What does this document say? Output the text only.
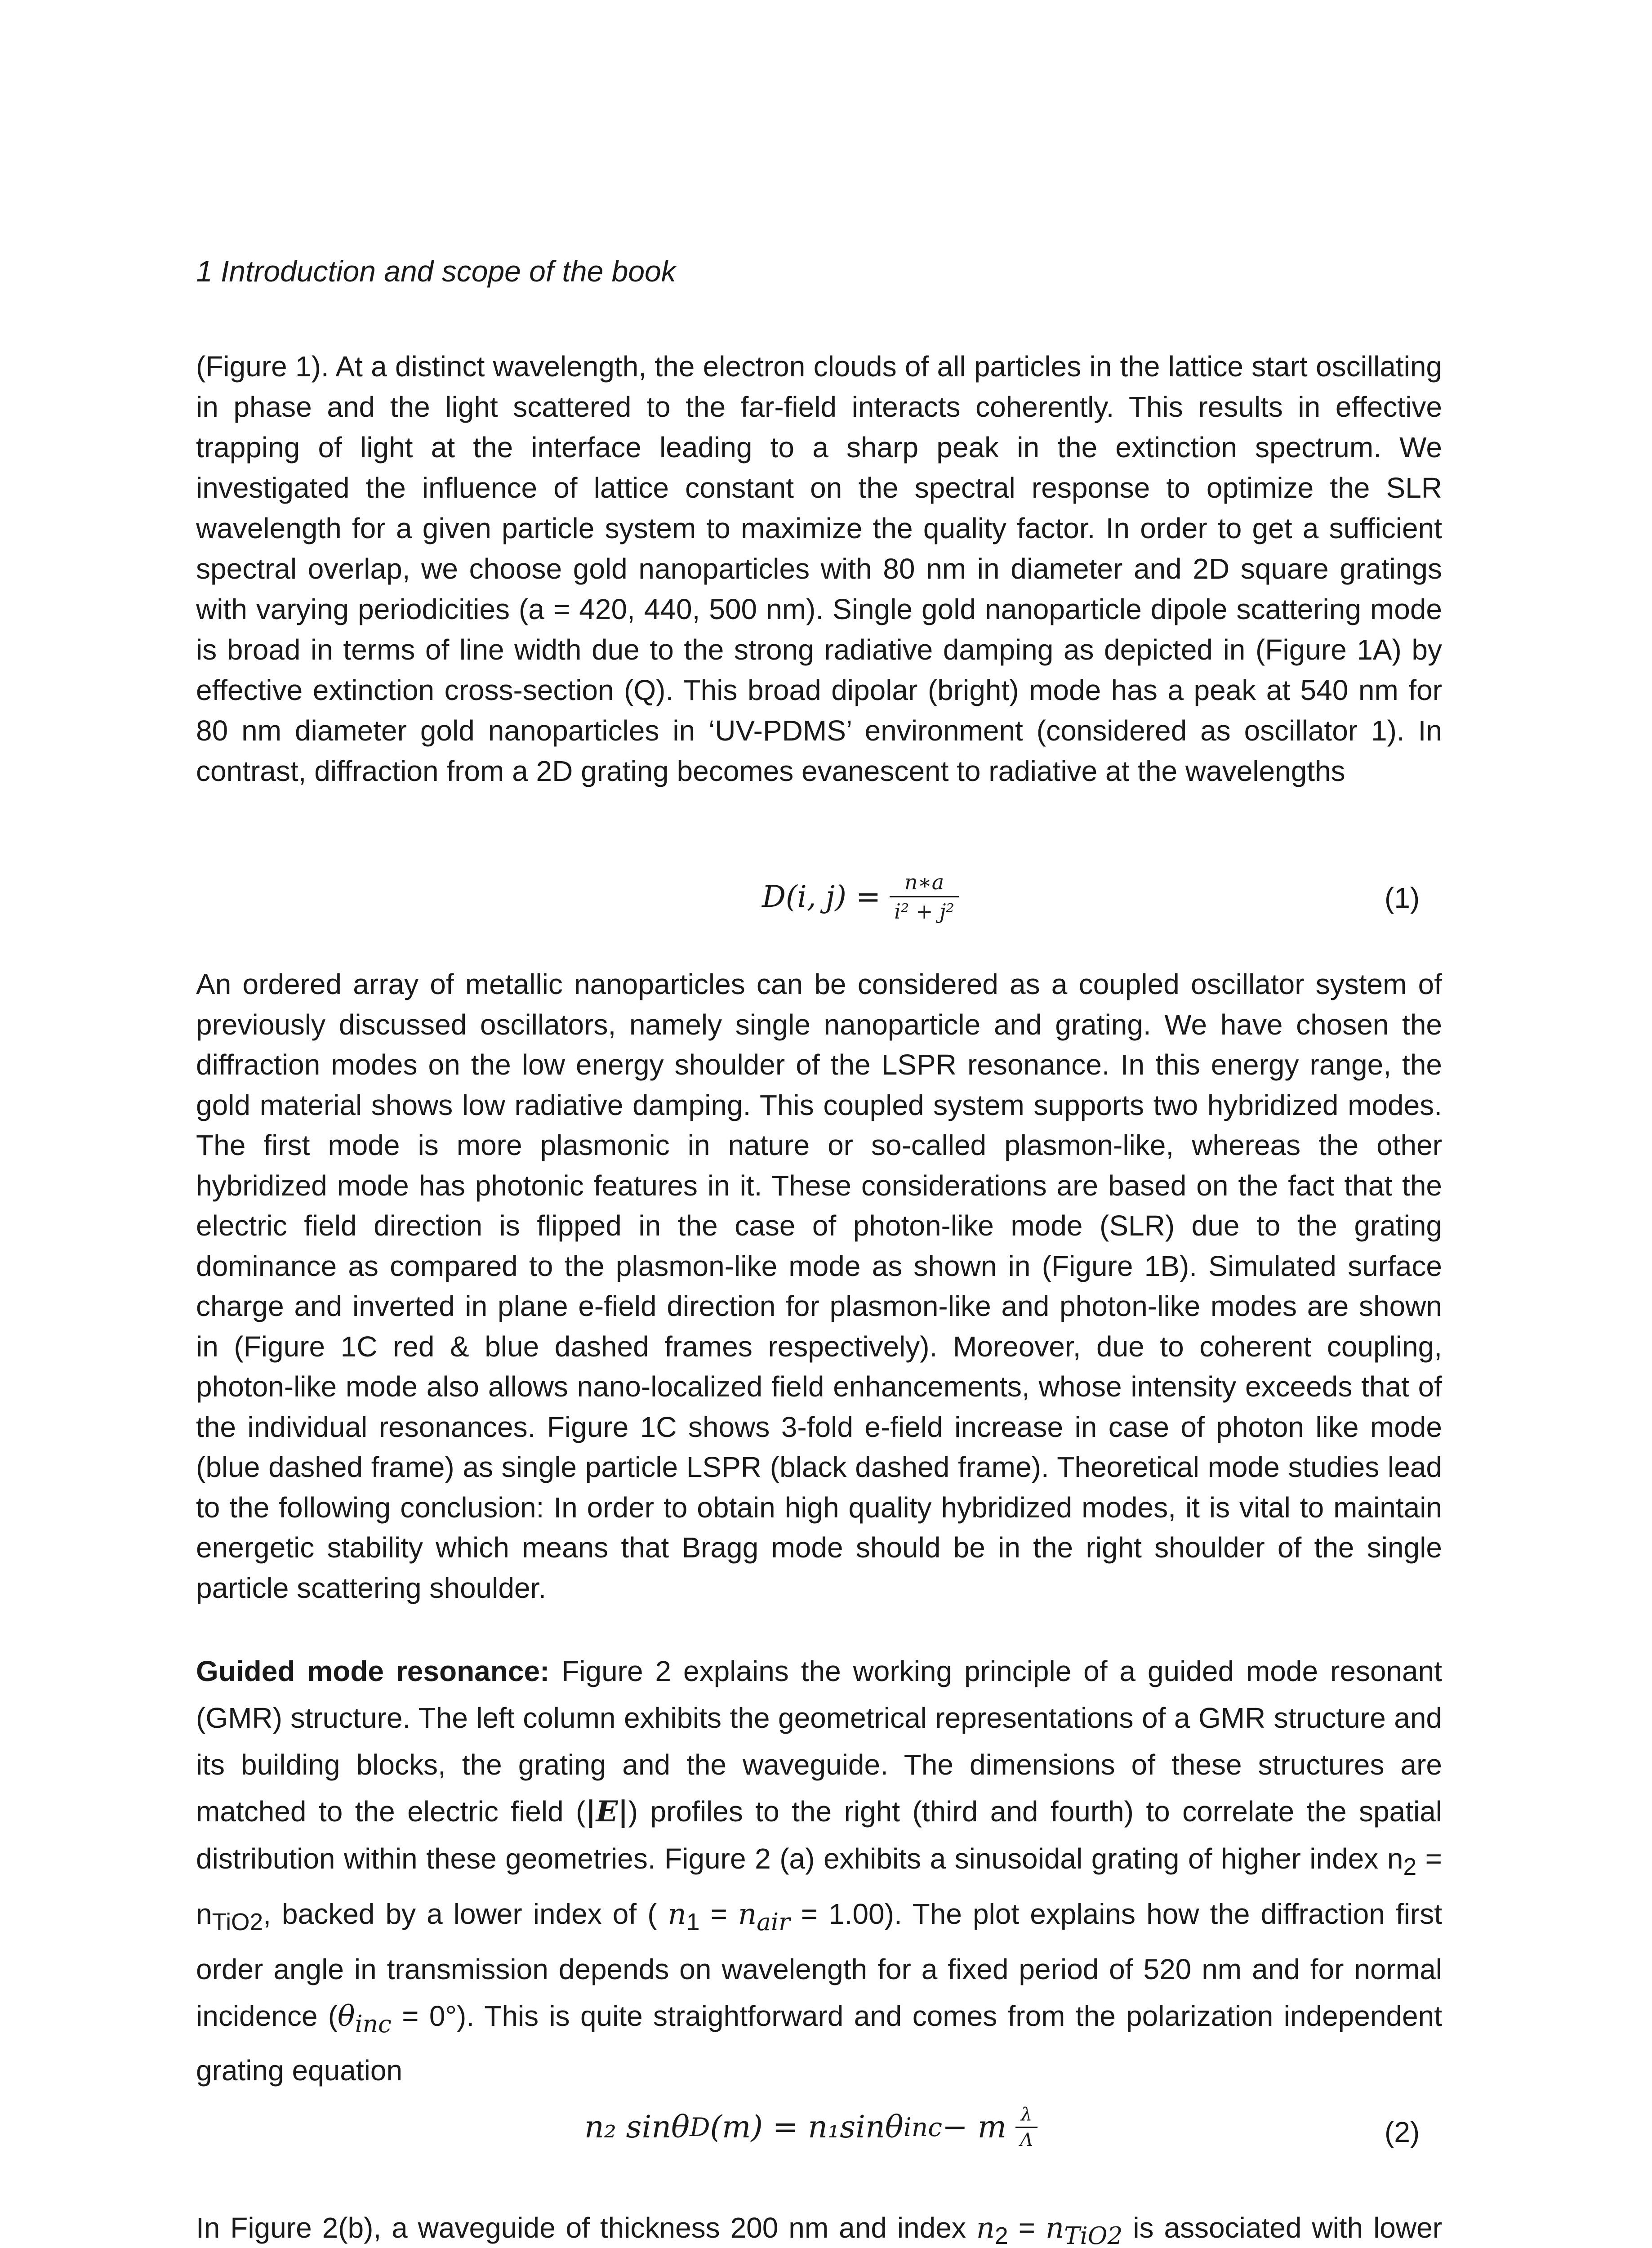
1 Introduction and scope of the book

(Figure 1). At a distinct wavelength, the electron clouds of all particles in the lattice start oscillating in phase and the light scattered to the far-field interacts coherently. This results in effective trapping of light at the interface leading to a sharp peak in the extinction spectrum. We investigated the influence of lattice constant on the spectral response to optimize the SLR wavelength for a given particle system to maximize the quality factor. In order to get a sufficient spectral overlap, we choose gold nanoparticles with 80 nm in diameter and 2D square gratings with varying periodicities (a = 420, 440, 500 nm). Single gold nanoparticle dipole scattering mode is broad in terms of line width due to the strong radiative damping as depicted in (Figure 1A) by effective extinction cross-section (Q). This broad dipolar (bright) mode has a peak at 540 nm for 80 nm diameter gold nanoparticles in ‘UV-PDMS’ environment (considered as oscillator 1). In contrast, diffraction from a 2D grating becomes evanescent to radiative at the wavelengths

D(i, $j) = \frac{n∗a}{\text{i² + j²}}$	(1)

An ordered array of metallic nanoparticles can be considered as a coupled oscillator system of previously discussed oscillators, namely single nanoparticle and grating. We have chosen the diffraction modes on the low energy shoulder of the LSPR resonance. In this energy range, the gold material shows low radiative damping. This coupled system supports two hybridized modes. The first mode is more plasmonic in nature or so-called plasmon-like, whereas the other hybridized mode has photonic features in it. These considerations are based on the fact that the electric field direction is flipped in the case of photon-like mode (SLR) due to the grating dominance as compared to the plasmon-like mode as shown in (Figure 1B). Simulated surface charge and inverted in plane e-field direction for plasmon-like and photon-like modes are shown in (Figure 1C red & blue dashed frames respectively). Moreover, due to coherent coupling, photon-like mode also allows nano-localized field enhancements, whose intensity exceeds that of the individual resonances. Figure 1C shows 3-fold e-field increase in case of photon like mode (blue dashed frame) as single particle LSPR (black dashed frame). Theoretical mode studies lead to the following conclusion: In order to obtain high quality hybridized modes, it is vital to maintain energetic stability which means that Bragg mode should be in the right shoulder of the single particle scattering shoulder.

Guided mode resonance: Figure 2 explains the working principle of a guided mode resonant (GMR) structure. The left column exhibits the geometrical representations of a GMR structure and its building blocks, the grating and the waveguide. The dimensions of these structures are matched to the electric field (|E|) profiles to the right (third and fourth) to correlate the spatial distribution within these geometries. Figure 2 (a) exhibits a sinusoidal grating of higher index $n_2 = n_{TiO2}$, backed by a lower index of ( $n_1 = n_{air} = 1.00$). The plot explains how the diffraction first order angle in transmission depends on wavelength for a fixed period of 520 nm and for normal incidence $(\theta_{inc} = 0^\circ)$. This is quite straightforward and comes from the polarization independent grating equation

n₂ sinθ D (m) = n₁sinθ inc − m $\frac{\lambda}{\Lambda}$	(2)

In Figure 2(b), a waveguide of thickness 200 nm and index $n_2 = n_{TiO2}$ is associated with lower
